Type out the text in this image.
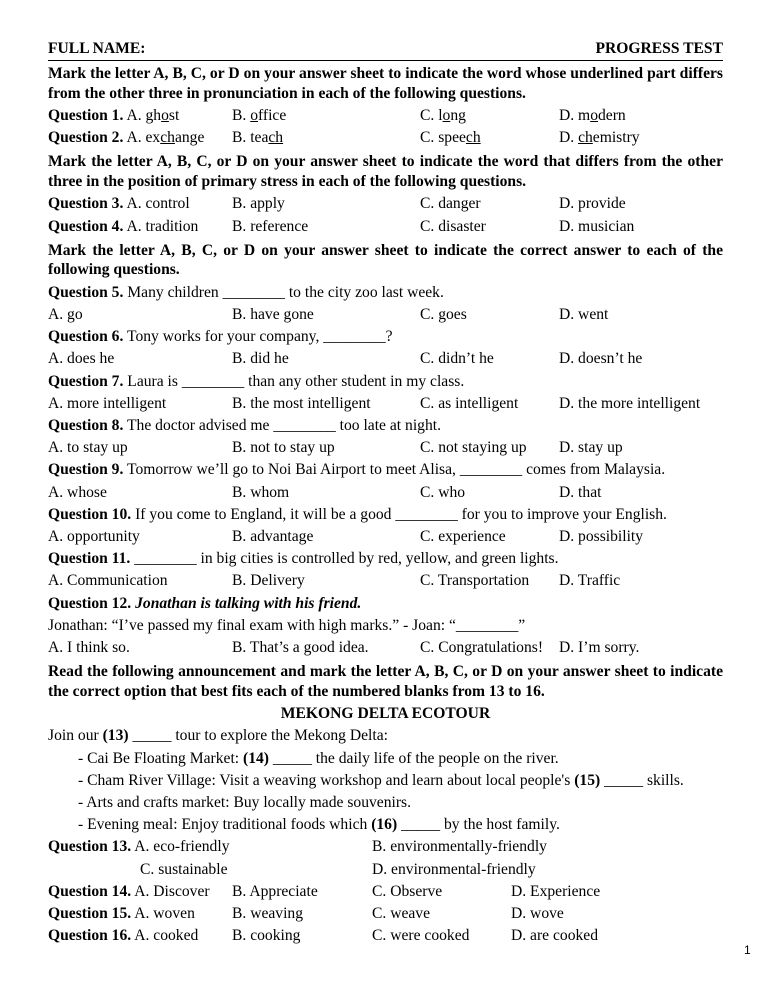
FULL NAME:	PROGRESS TEST
Mark the letter A, B, C, or D on your answer sheet to indicate the word whose underlined part differs from the other three in pronunciation in each of the following questions.
Question 1. A. ghost	B. office	C. long	D. modern
Question 2. A. exchange	B. teach	C. speech	D. chemistry
Mark the letter A, B, C, or D on your answer sheet to indicate the word that differs from the other three in the position of primary stress in each of the following questions.
Question 3. A. control	B. apply	C. danger	D. provide
Question 4. A. tradition	B. reference	C. disaster	D. musician
Mark the letter A, B, C, or D on your answer sheet to indicate the correct answer to each of the following questions.
Question 5. Many children ________ to the city zoo last week.
A. go	B. have gone	C. goes	D. went
Question 6. Tony works for your company, ________?
A. does he	B. did he	C. didn’t he	D. doesn’t he
Question 7. Laura is ________ than any other student in my class.
A. more intelligent	B. the most intelligent	C. as intelligent	D. the more intelligent
Question 8. The doctor advised me ________ too late at night.
A. to stay up	B. not to stay up	C. not staying up	D. stay up
Question 9. Tomorrow we’ll go to Noi Bai Airport to meet Alisa, ________ comes from Malaysia.
A. whose	B. whom	C. who	D. that
Question 10. If you come to England, it will be a good ________ for you to improve your English.
A. opportunity	B. advantage	C. experience	D. possibility
Question 11. ________ in big cities is controlled by red, yellow, and green lights.
A. Communication	B. Delivery	C. Transportation	D. Traffic
Question 12. Jonathan is talking with his friend.
Jonathan: “I’ve passed my final exam with high marks.” - Joan: “________”
A. I think so.	B. That’s a good idea.	C. Congratulations!	D. I’m sorry.
Read the following announcement and mark the letter A, B, C, or D on your answer sheet to indicate the correct option that best fits each of the numbered blanks from 13 to 16.
MEKONG DELTA ECOTOUR
Join our (13) _____ tour to explore the Mekong Delta:
- Cai Be Floating Market: (14) _____ the daily life of the people on the river.
- Cham River Village: Visit a weaving workshop and learn about local people's (15) _____ skills.
- Arts and crafts market: Buy locally made souvenirs.
- Evening meal: Enjoy traditional foods which (16) _____ by the host family.
Question 13. A. eco-friendly	B. environmentally-friendly
C. sustainable	D. environmental-friendly
Question 14. A. Discover	B. Appreciate	C. Observe	D. Experience
Question 15. A. woven	B. weaving	C. weave	D. wove
Question 16. A. cooked	B. cooking	C. were cooked	D. are cooked
1
